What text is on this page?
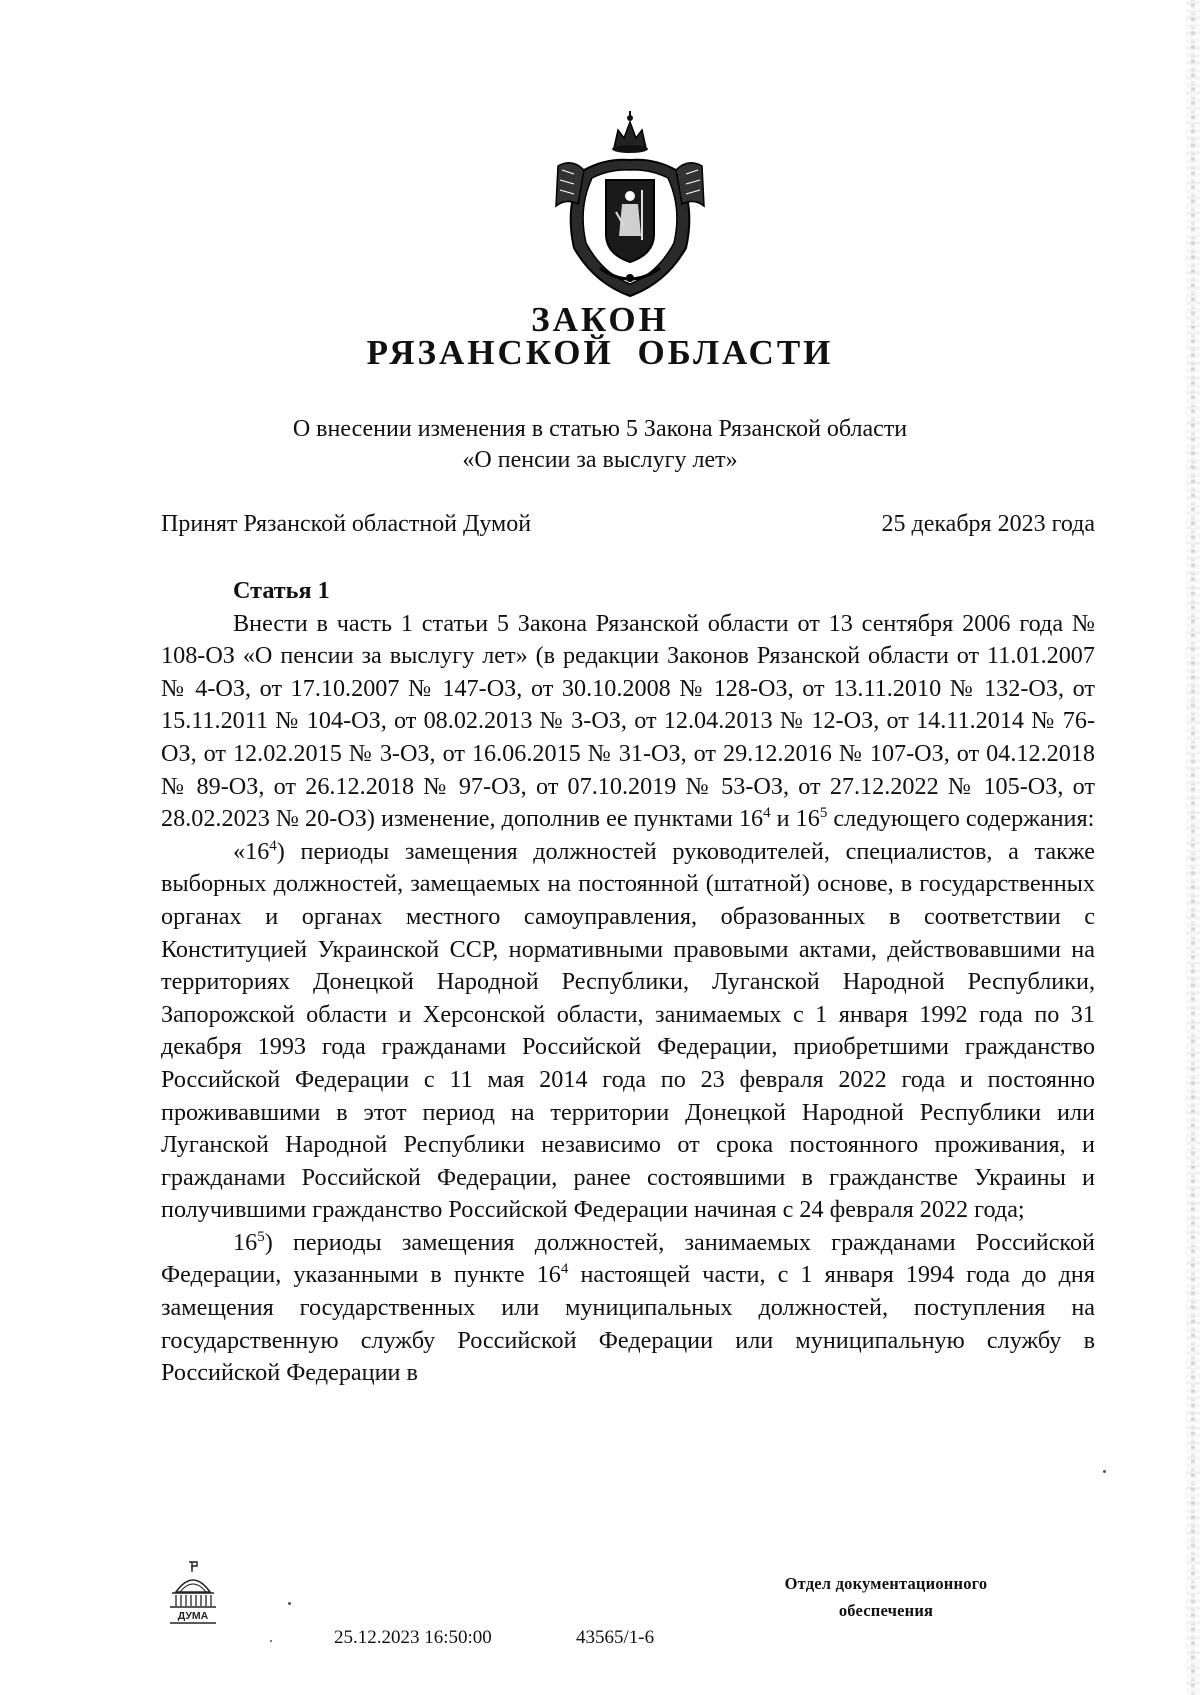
ЗАКОН
РЯЗАНСКОЙ ОБЛАСТИ
О внесении изменения в статью 5 Закона Рязанской области
«О пенсии за выслугу лет»
Принят Рязанской областной Думой	25 декабря 2023 года

Статья 1

Внести в часть 1 статьи 5 Закона Рязанской области от 13 сентября 2006 года № 108-ОЗ «О пенсии за выслугу лет» (в редакции Законов Рязанской области от 11.01.2007 № 4-ОЗ, от 17.10.2007 № 147-ОЗ, от 30.10.2008 № 128-ОЗ, от 13.11.2010 № 132-ОЗ, от 15.11.2011 № 104-ОЗ, от 08.02.2013 № 3-ОЗ, от 12.04.2013 № 12-ОЗ, от 14.11.2014 № 76-ОЗ, от 12.02.2015 № 3-ОЗ, от 16.06.2015 № 31-ОЗ, от 29.12.2016 № 107-ОЗ, от 04.12.2018 № 89-ОЗ, от 26.12.2018 № 97-ОЗ, от 07.10.2019 № 53-ОЗ, от 27.12.2022 № 105-ОЗ, от 28.02.2023 № 20-ОЗ) изменение, дополнив ее пунктами $16^4$ и $16^5$ следующего содержания:

«$16^4$) периоды замещения должностей руководителей, специалистов, а также выборных должностей, замещаемых на постоянной (штатной) основе, в государственных органах и органах местного самоуправления, образованных в соответствии с Конституцией Украинской ССР, нормативными правовыми актами, действовавшими на территориях Донецкой Народной Республики, Луганской Народной Республики, Запорожской области и Херсонской области, занимаемых с 1 января 1992 года по 31 декабря 1993 года гражданами Российской Федерации, приобретшими гражданство Российской Федерации с 11 мая 2014 года по 23 февраля 2022 года и постоянно проживавшими в этот период на территории Донецкой Народной Республики или Луганской Народной Республики независимо от срока постоянного проживания, и гражданами Российской Федерации, ранее состоявшими в гражданстве Украины и получившими гражданство Российской Федерации начиная с 24 февраля 2022 года;

$16^5$) периоды замещения должностей, занимаемых гражданами Российской Федерации, указанными в пункте $16^4$ настоящей части, с 1 января 1994 года до дня замещения государственных или муниципальных должностей, поступления на государственную службу Российской Федерации или муниципальную службу в Российской Федерации в

ДУМА
25.12.2023 16:50:00	43565/1-6
Отдел документационного
обеспечения
